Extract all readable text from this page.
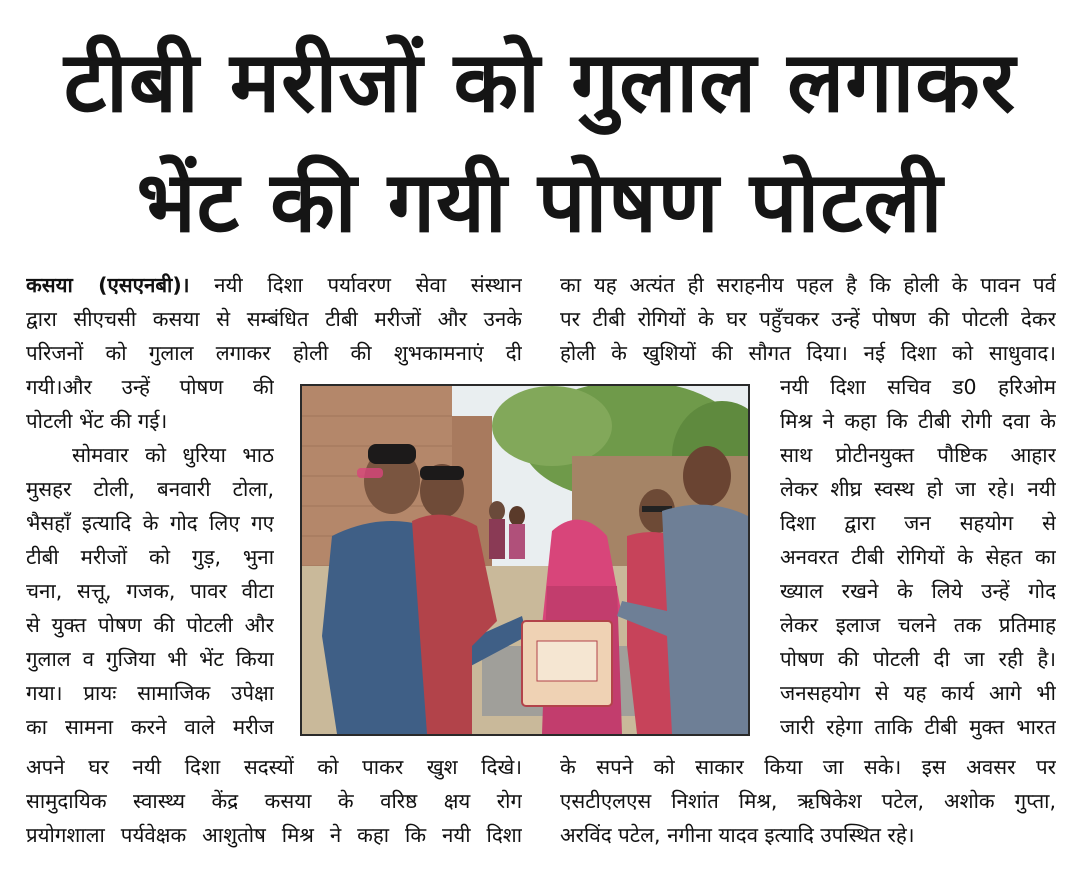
टीबी मरीजों को गुलाल लगाकर
भेंट की गयी पोषण पोटली
कसया (एसएनबी)। नयी दिशा पर्यावरण सेवा संस्थान
द्वारा सीएचसी कसया से सम्बंधित टीबी मरीजों और उनके
परिजनों को गुलाल लगाकर होली की शुभकामनाएं दी
गयी।और उन्हें पोषण की
पोटली भेंट की गई।
सोमवार को धुरिया भाठ
मुसहर टोली, बनवारी टोला,
भैसहाँ इत्यादि के गोद लिए गए
टीबी मरीजों को गुड़, भुना
चना, सत्तू, गजक, पावर वीटा
से युक्त पोषण की पोटली और
गुलाल व गुजिया भी भेंट किया
गया। प्रायः सामाजिक उपेक्षा
का सामना करने वाले मरीज
अपने घर नयी दिशा सदस्यों को पाकर खुश दिखे।
सामुदायिक स्वास्थ्य केंद्र कसया के वरिष्ठ क्षय रोग
प्रयोगशाला पर्यवेक्षक आशुतोष मिश्र ने कहा कि नयी दिशा
का यह अत्यंत ही सराहनीय पहल है कि होली के पावन पर्व
पर टीबी रोगियों के घर पहुँचकर उन्हें पोषण की पोटली देकर
होली के खुशियों की सौगत दिया। नई दिशा को साधुवाद।
नयी दिशा सचिव ड0 हरिओम
मिश्र ने कहा कि टीबी रोगी दवा के
साथ प्रोटीनयुक्त पौष्टिक आहार
लेकर शीघ्र स्वस्थ हो जा रहे। नयी
दिशा द्वारा जन सहयोग से
अनवरत टीबी रोगियों के सेहत का
ख्याल रखने के लिये उन्हें गोद
लेकर इलाज चलने तक प्रतिमाह
पोषण की पोटली दी जा रही है।
जनसहयोग से यह कार्य आगे भी
जारी रहेगा ताकि टीबी मुक्त भारत
के सपने को साकार किया जा सके। इस अवसर पर
एसटीएलएस निशांत मिश्र, ऋषिकेश पटेल, अशोक गुप्ता,
अरविंद पटेल, नगीना यादव इत्यादि उपस्थित रहे।
